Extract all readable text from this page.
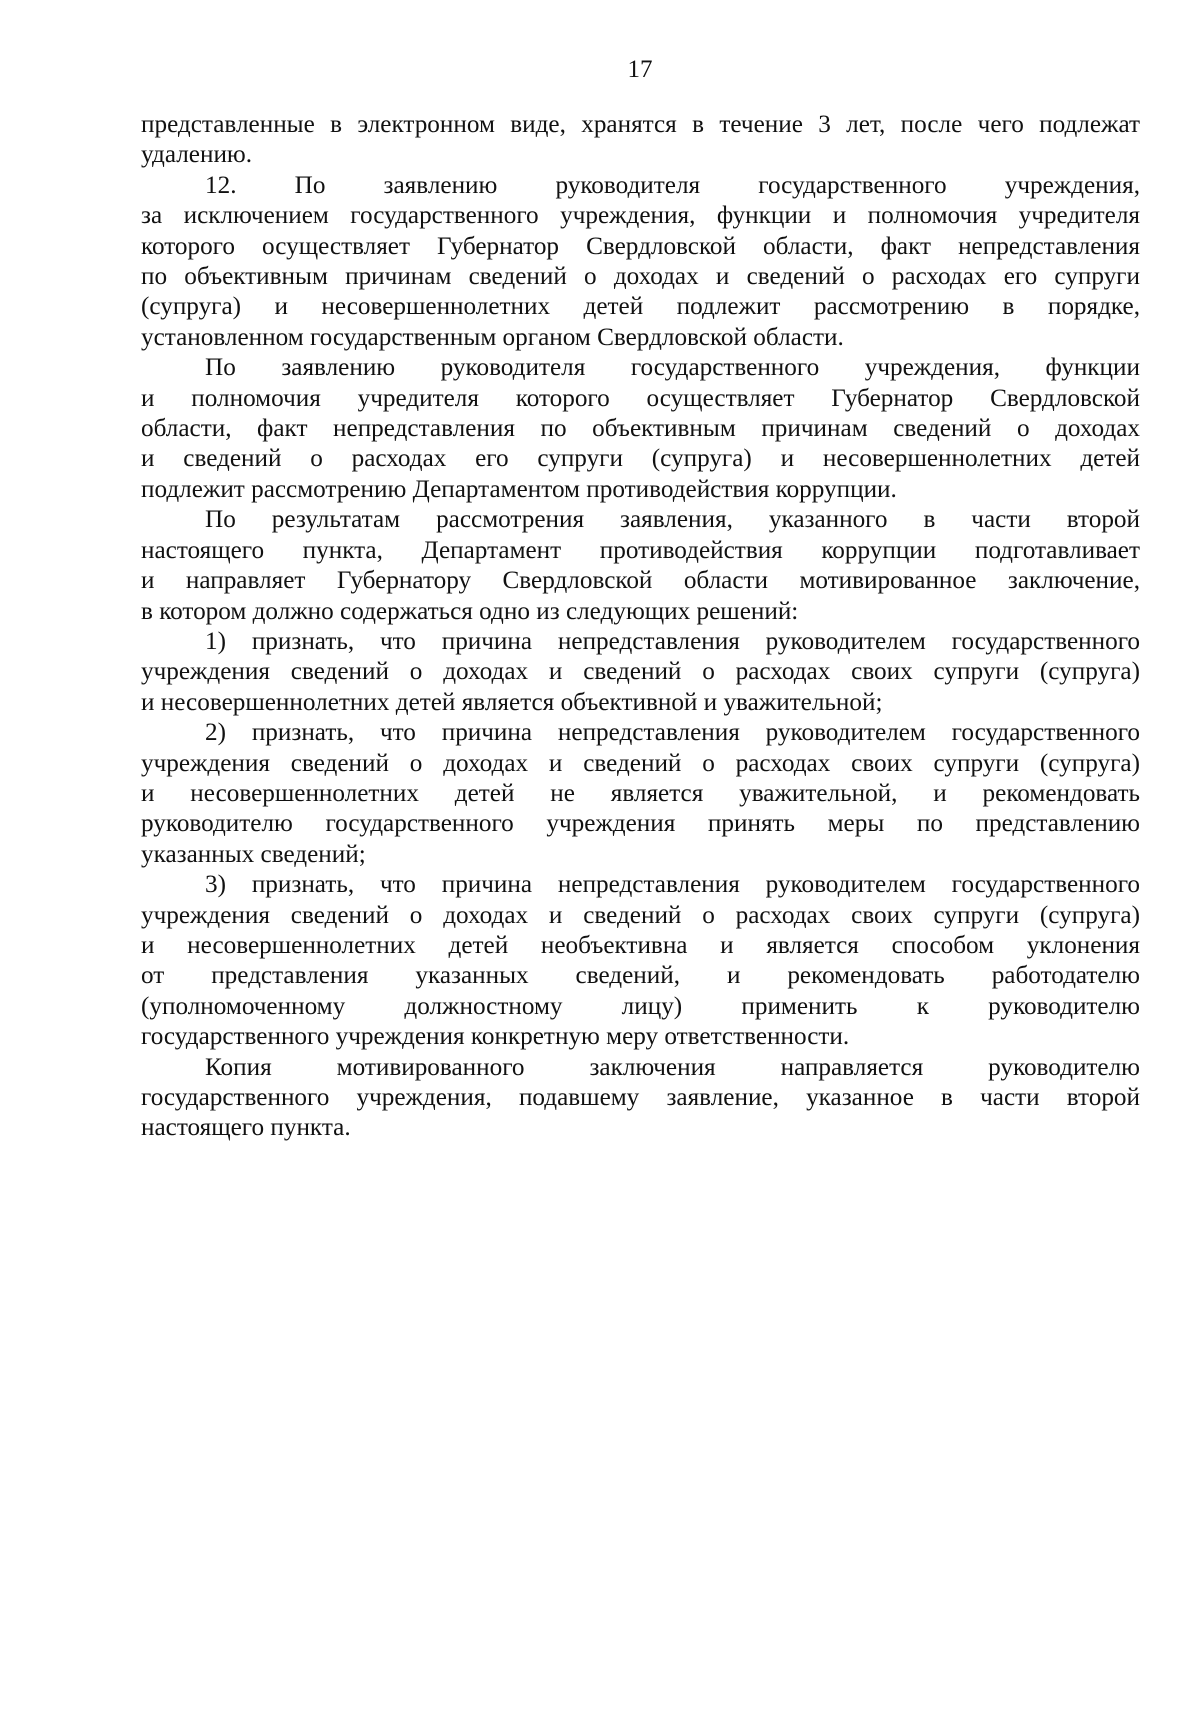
17
представленные в электронном виде, хранятся в течение 3 лет, после чего подлежат
удалению.
12. По заявлению руководителя государственного учреждения,
за исключением государственного учреждения, функции и полномочия учредителя
которого осуществляет Губернатор Свердловской области, факт непредставления
по объективным причинам сведений о доходах и сведений о расходах его супруги
(супруга) и несовершеннолетних детей подлежит рассмотрению в порядке,
установленном государственным органом Свердловской области.
По заявлению руководителя государственного учреждения, функции
и полномочия учредителя которого осуществляет Губернатор Свердловской
области, факт непредставления по объективным причинам сведений о доходах
и сведений о расходах его супруги (супруга) и несовершеннолетних детей
подлежит рассмотрению Департаментом противодействия коррупции.
По результатам рассмотрения заявления, указанного в части второй
настоящего пункта, Департамент противодействия коррупции подготавливает
и направляет Губернатору Свердловской области мотивированное заключение,
в котором должно содержаться одно из следующих решений:
1) признать, что причина непредставления руководителем государственного
учреждения сведений о доходах и сведений о расходах своих супруги (супруга)
и несовершеннолетних детей является объективной и уважительной;
2) признать, что причина непредставления руководителем государственного
учреждения сведений о доходах и сведений о расходах своих супруги (супруга)
и несовершеннолетних детей не является уважительной, и рекомендовать
руководителю государственного учреждения принять меры по представлению
указанных сведений;
3) признать, что причина непредставления руководителем государственного
учреждения сведений о доходах и сведений о расходах своих супруги (супруга)
и несовершеннолетних детей необъективна и является способом уклонения
от представления указанных сведений, и рекомендовать работодателю
(уполномоченному должностному лицу) применить к руководителю
государственного учреждения конкретную меру ответственности.
Копия мотивированного заключения направляется руководителю
государственного учреждения, подавшему заявление, указанное в части второй
настоящего пункта.
